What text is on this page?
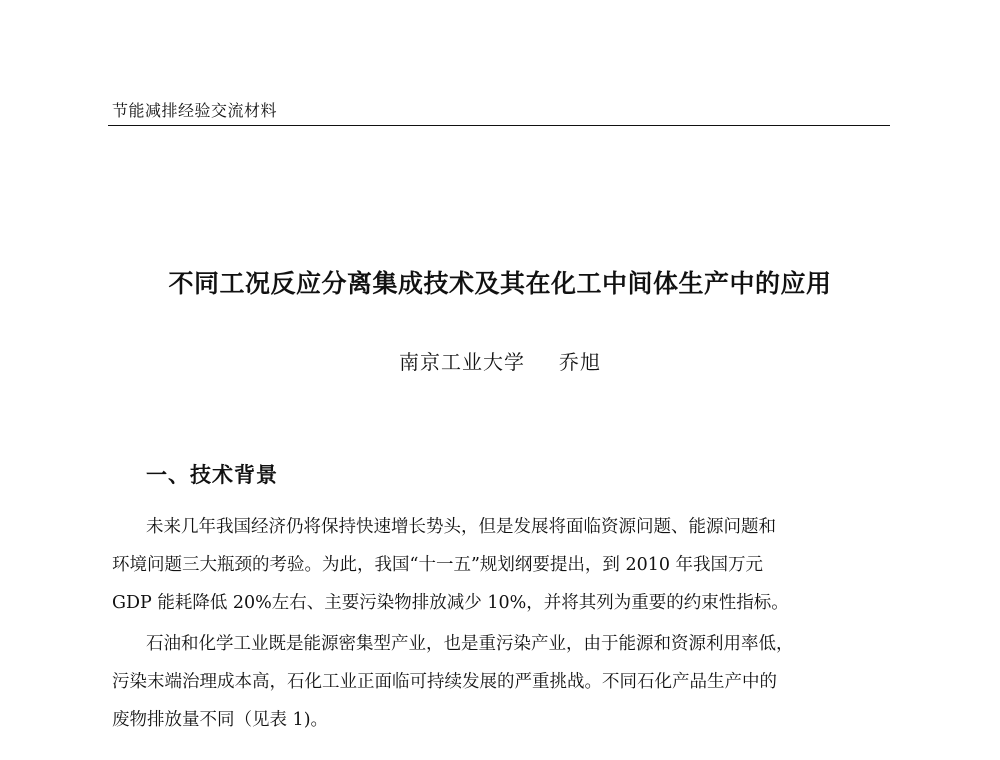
节能减排经验交流材料
不同工况反应分离集成技术及其在化工中间体生产中的应用
南京工业大学 乔旭
一、技术背景
未来几年我国经济仍将保持快速增长势头，但是发展将面临资源问题、能源问题和
环境问题三大瓶颈的考验。为此，我国“十一五”规划纲要提出，到 2010 年我国万元
GDP 能耗降低 20%左右、主要污染物排放减少 10%，并将其列为重要的约束性指标。
石油和化学工业既是能源密集型产业，也是重污染产业，由于能源和资源利用率低，
污染末端治理成本高，石化工业正面临可持续发展的严重挑战。不同石化产品生产中的
废物排放量不同（见表 1)。
